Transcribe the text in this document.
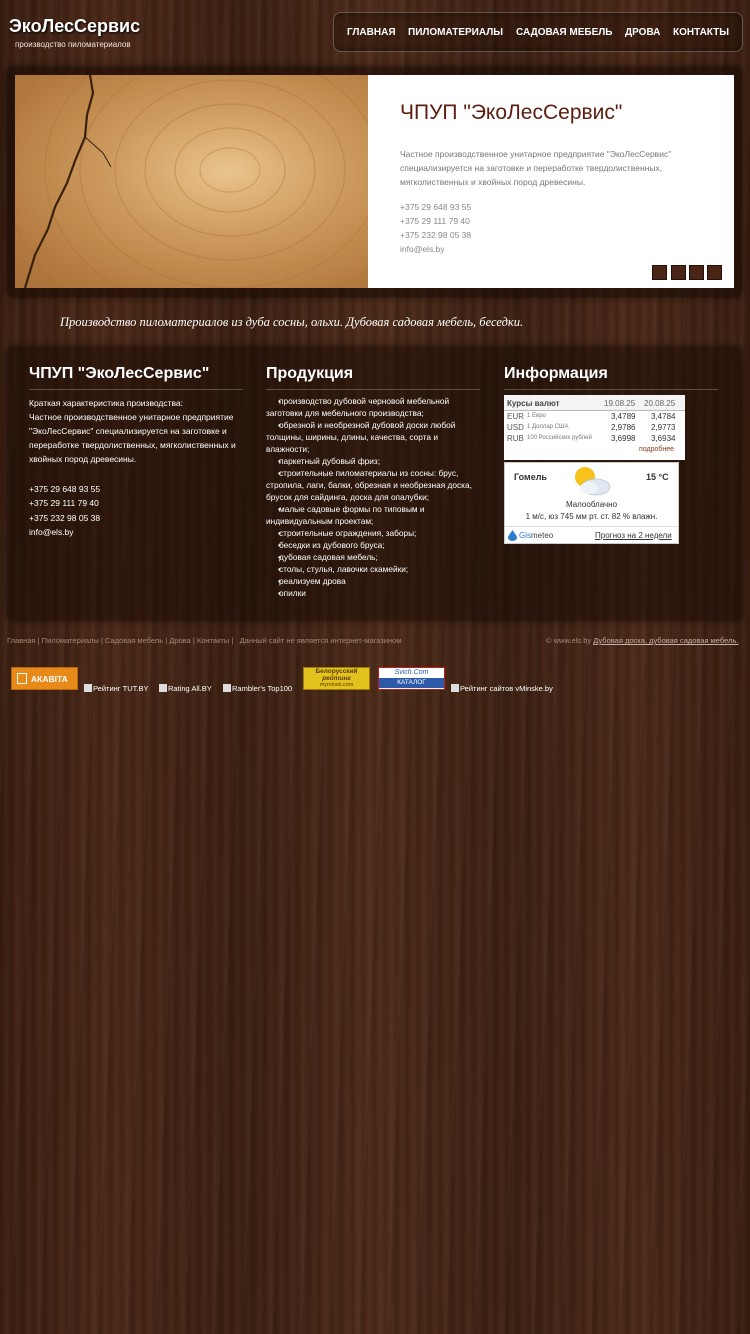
ЭкоЛесСервис
производство пиломатериалов
ГЛАВНАЯ ПИЛОМАТЕРИАЛЫ САДОВАЯ МЕБЕЛЬ ДРОВА КОНТАКТЫ
ЧПУП "ЭкоЛесСервис"
Частное производственное унитарное предприятие "ЭкоЛесСервис" специализируется на заготовке и переработке твердолиственных, мягколиственных и хвойных пород древесины.
+375 29 648 93 55
+375 29 111 79 40
+375 232 98 05 38
info@els.by
Производство пиломатериалов из дуба сосны, ольхи. Дубовая садовая мебель, беседки.
ЧПУП "ЭкоЛесСервис"
Краткая характеристика производства:
Частное производственное унитарное предприятие "ЭкоЛесСервис" специализируется на заготовке и переработке твердолиственных, мягколиственных и хвойных пород древесины.
+375 29 648 93 55
+375 29 111 79 40
+375 232 98 05 38
info@els.by
Продукция
• производство дубовой черновой мебельной заготовки для мебельного производства;
• обрезной и необрезной дубовой доски любой толщины, ширины, длины, качества, сорта и влажности;
• паркетный дубовый фриз;
• строительные пиломатериалы из сосны: брус, стропила, лаги, балки, обрезная и необрезная доска, брусок для сайдинга, доска для опалубки;
• малые садовые формы по типовым и индивидуальным проектам;
• строительные ограждения, заборы;
• беседки из дубового бруса;
• дубовая садовая мебель;
• столы, стулья, лавочки скамейки;
• реализуем дрова
• опилки
Информация
Курсы валют	19.08.25 20.08.25
EUR 1 Евро	3,4789 3,4784
USD 1 Доллар США	2,9786 2,9773
RUB 100 Российских рублей 3,6998 3,6934
подробнее
Гомель	15 °C
Малооблачно
1 м/с, юз 745 мм рт. ст. 82 % влажн.
Gismeteo	Прогноз на 2 недели
Главная | Пиломатериалы | Садовая мебель | Дрова | Контакты |   Данный сайт не является интернет-магазином	© www.els.by Дубовая доска, дубовая садовая мебель.
АКАВІТА
Рейтинг TUT.BY	Rating All.BY	Rambler's Top100
Белорусский
рейтинг
myminsk.com
Svich.Com
КАТАЛОГ
Рейтинг сайтов vMinske.by
